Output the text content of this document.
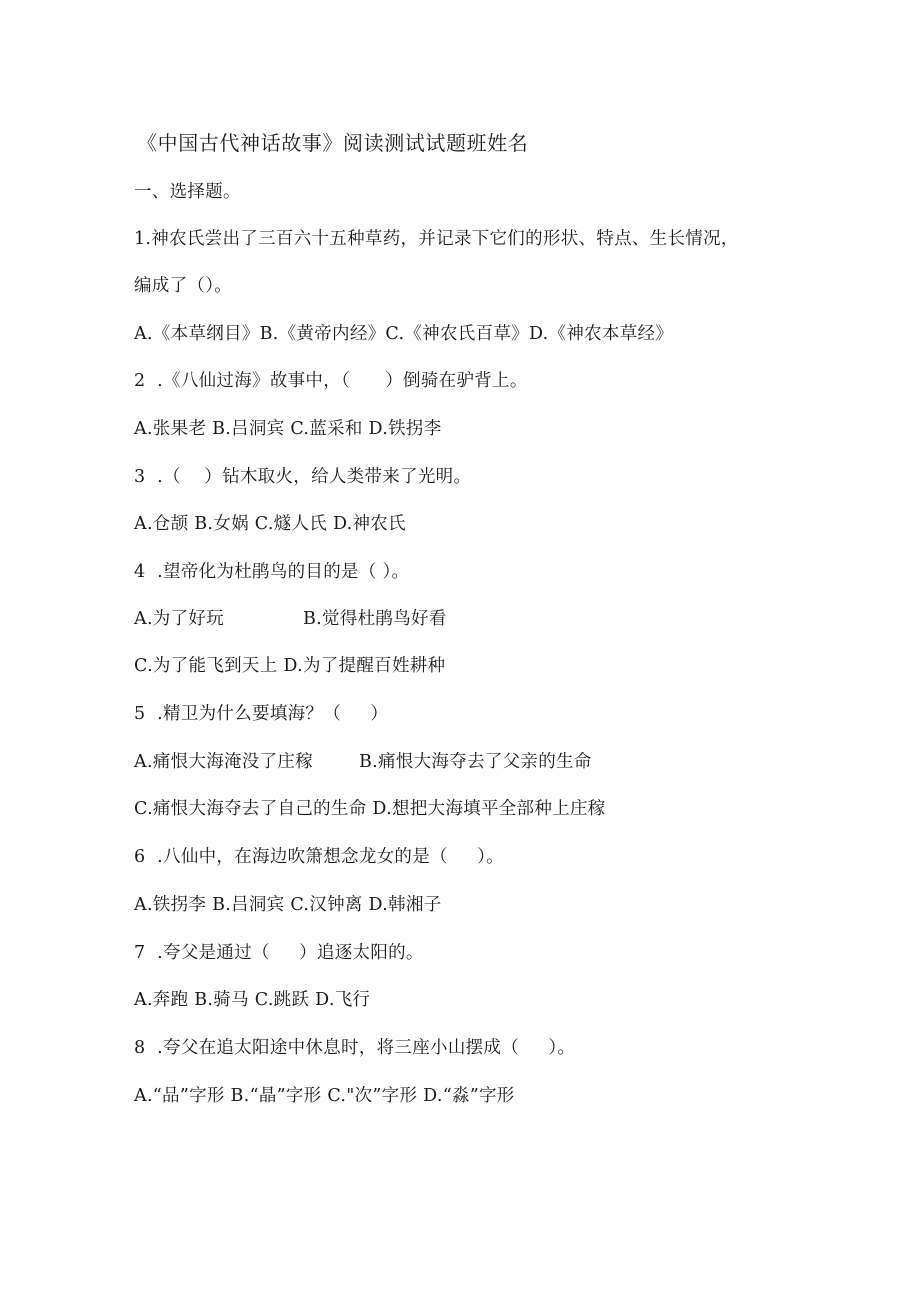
《中国古代神话故事》阅读测试试题班姓名
一、选择题。
1.神农氏尝出了三百六十五种草药，并记录下它们的形状、特点、生长情况，
编成了（）。
A.《本草纲目》B.《黄帝内经》C.《神农氏百草》D.《神农本草经》
2  .《八仙过海》故事中，（      ）倒骑在驴背上。
A.张果老 B.吕洞宾 C.蓝采和 D.铁拐李
3  .（    ）钻木取火，给人类带来了光明。
A.仓颉 B.女娲 C.燧人氏 D.神农氏
4  .望帝化为杜鹃鸟的目的是（ ）。
A.为了好玩	B.觉得杜鹃鸟好看
C.为了能飞到天上 D.为了提醒百姓耕种
5  .精卫为什么要填海？（     ）
A.痛恨大海淹没了庄稼	B.痛恨大海夺去了父亲的生命
C.痛恨大海夺去了自己的生命 D.想把大海填平全部种上庄稼
6  .八仙中，在海边吹箫想念龙女的是（     ）。
A.铁拐李 B.吕洞宾 C.汉钟离 D.韩湘子
7  .夸父是通过（     ）追逐太阳的。
A.奔跑 B.骑马 C.跳跃 D.飞行
8  .夸父在追太阳途中休息时，将三座小山摆成（     ）。
A.“品”字形 B.“晶”字形 C."次”字形 D.“淼”字形
